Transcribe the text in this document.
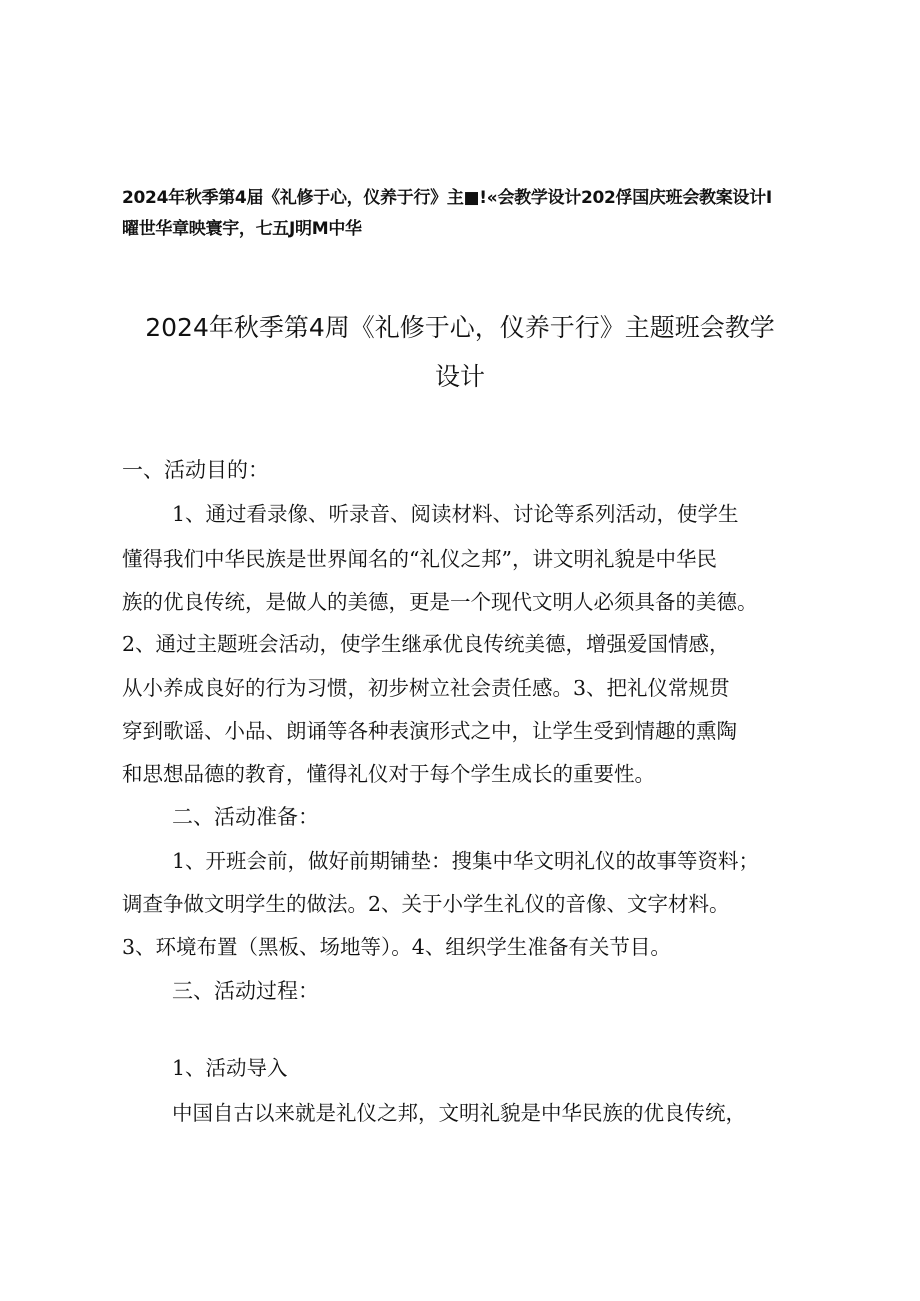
2024年秋季第4届《礼修于心，仪养于行》主■!«会教学设计202俘国庆班会教案设计I
曜世华章映寰宇，七五J明M中华
2024年秋季第4周《礼修于心，仪养于行》主题班会教学
设计
一、活动目的：
1、通过看录像、听录音、阅读材料、讨论等系列活动，使学生
懂得我们中华民族是世界闻名的“礼仪之邦”，讲文明礼貌是中华民
族的优良传统，是做人的美德，更是一个现代文明人必须具备的美德。
2、通过主题班会活动，使学生继承优良传统美德，增强爱国情感，
从小养成良好的行为习惯，初步树立社会责任感。3、把礼仪常规贯
穿到歌谣、小品、朗诵等各种表演形式之中，让学生受到情趣的熏陶
和思想品德的教育，懂得礼仪对于每个学生成长的重要性。
二、活动准备：
1、开班会前，做好前期铺垫：搜集中华文明礼仪的故事等资料；
调查争做文明学生的做法。2、关于小学生礼仪的音像、文字材料。
3、环境布置（黑板、场地等）。4、组织学生准备有关节目。
三、活动过程：
1、活动导入
中国自古以来就是礼仪之邦，文明礼貌是中华民族的优良传统，
